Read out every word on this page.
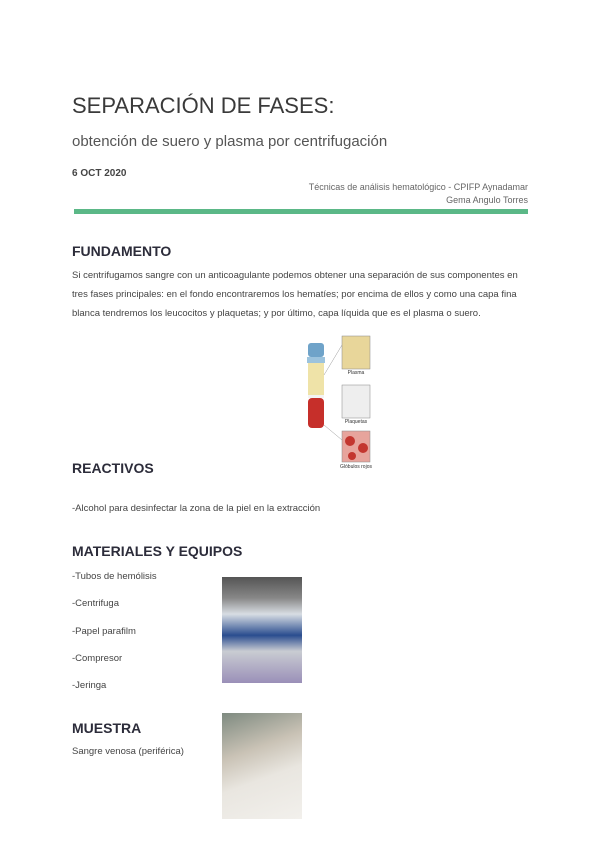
SEPARACIÓN DE FASES:
obtención de suero y plasma por centrifugación
6 OCT 2020
Técnicas de análisis hematológico - CPIFP Aynadamar
Gema Angulo Torres
FUNDAMENTO
Si centrifugamos sangre con un anticoagulante podemos obtener una separación de sus componentes en tres fases principales: en el fondo encontraremos los hematíes; por encima de ellos y como una capa fina blanca tendremos los leucocitos y plaquetas; y por último, capa líquida que es el plasma o suero.
Plasma
Plaquetas
Glóbulos rojos
REACTIVOS
-Alcohol para desinfectar la zona de la piel en la extracción
MATERIALES Y EQUIPOS
-Tubos de hemólisis
-Centrifuga
-Papel parafilm
-Compresor
-Jeringa
MUESTRA
Sangre venosa (periférica)
